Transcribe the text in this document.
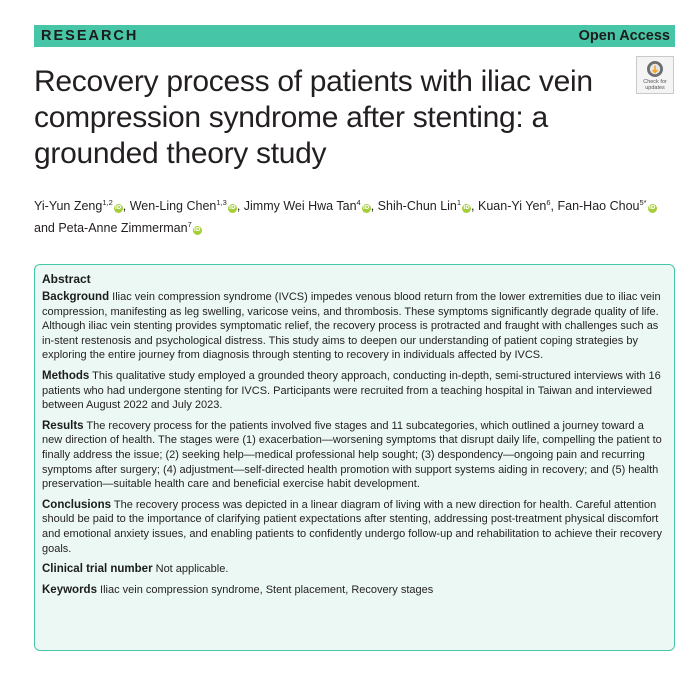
RESEARCH	Open Access
Recovery process of patients with iliac vein compression syndrome after stenting: a grounded theory study
Check for
updates

Yi-Yun Zeng$^{1,2}$iD, Wen-Ling Chen$^{1,3}$iD, Jimmy Wei Hwa Tan$^4$iD, Shih-Chun Lin$^1$iD, Kuan-Yi Yen$^6$, Fan-Hao Chou$^{5*}$iD and Peta-Anne Zimmerman$^7$iD

Abstract

Background Iliac vein compression syndrome (IVCS) impedes venous blood return from the lower extremities due to iliac vein compression, manifesting as leg swelling, varicose veins, and thrombosis. These symptoms significantly degrade quality of life. Although iliac vein stenting provides symptomatic relief, the recovery process is protracted and fraught with challenges such as in-stent restenosis and psychological distress. This study aims to deepen our understanding of patient coping strategies by exploring the entire journey from diagnosis through stenting to recovery in individuals affected by IVCS.

Methods This qualitative study employed a grounded theory approach, conducting in-depth, semi-structured interviews with 16 patients who had undergone stenting for IVCS. Participants were recruited from a teaching hospital in Taiwan and interviewed between August 2022 and July 2023.

Results The recovery process for the patients involved five stages and 11 subcategories, which outlined a journey toward a new direction of health. The stages were (1) exacerbation—worsening symptoms that disrupt daily life, compelling the patient to finally address the issue; (2) seeking help—medical professional help sought; (3) despondency—ongoing pain and recurring symptoms after surgery; (4) adjustment—self-directed health promotion with support systems aiding in recovery; and (5) health preservation—suitable health care and beneficial exercise habit development.

Conclusions The recovery process was depicted in a linear diagram of living with a new direction for health. Careful attention should be paid to the importance of clarifying patient expectations after stenting, addressing post-treatment physical discomfort and emotional anxiety issues, and enabling patients to confidently undergo follow-up and rehabilitation to achieve their recovery goals.

Clinical trial number Not applicable.

Keywords Iliac vein compression syndrome, Stent placement, Recovery stages
